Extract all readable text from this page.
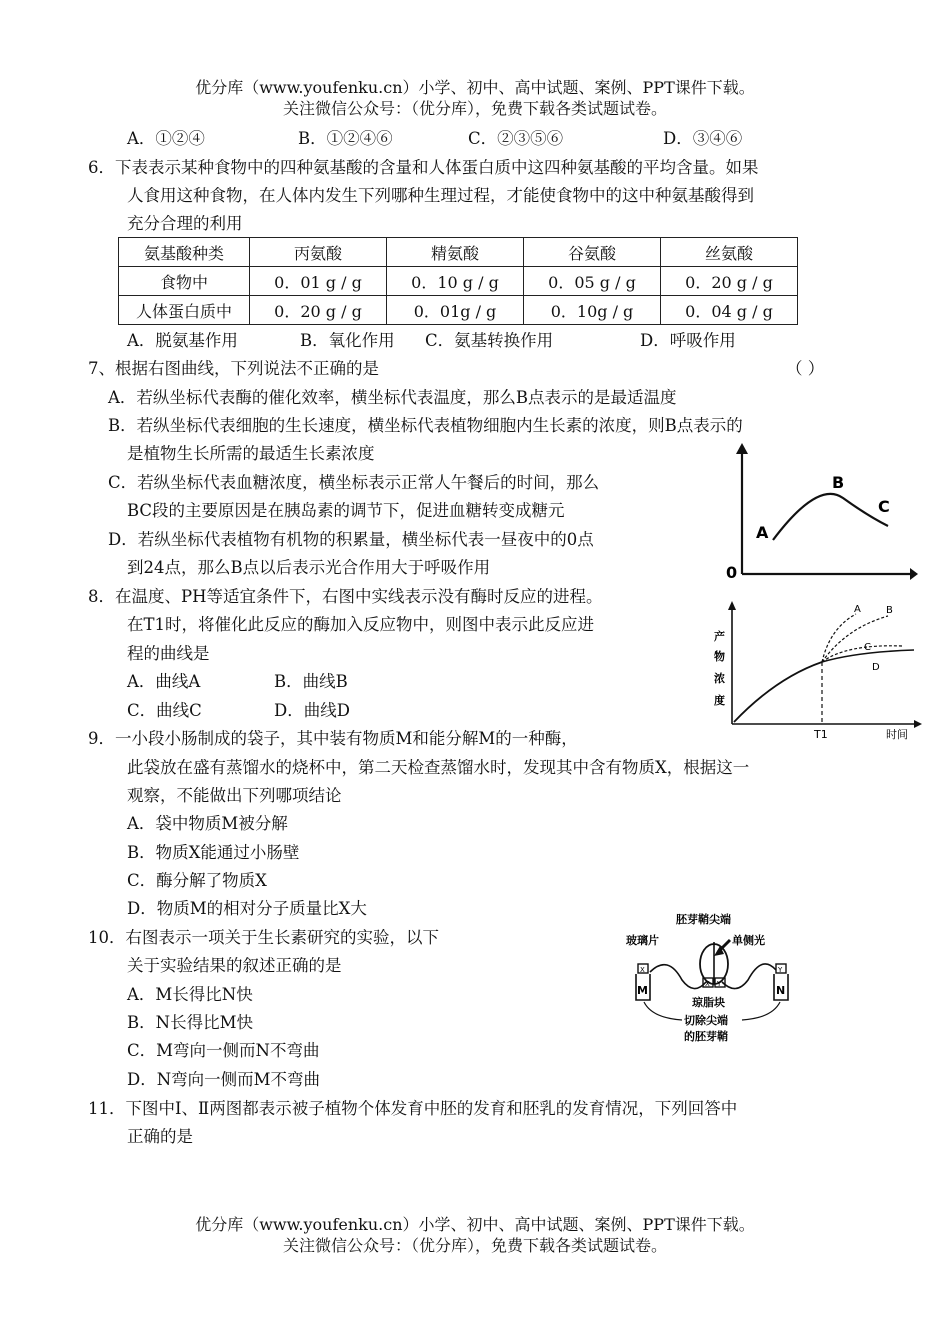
优分库（www.youfenku.cn）小学、初中、高中试题、案例、PPT课件下载。
关注微信公众号：（优分库），免费下载各类试题试卷。
A．①②④	B．①②④⑥	C．②③⑤⑥	D．③④⑥
6．下表表示某种食物中的四种氨基酸的含量和人体蛋白质中这四种氨基酸的平均含量。如果
人食用这种食物，在人体内发生下列哪种生理过程，才能使食物中的这中种氨基酸得到
充分合理的利用
氨基酸种类	丙氨酸	精氨酸	谷氨酸	丝氨酸
食物中	0．01 g / g	0．10 g / g	0．05 g / g	0．20 g / g
人体蛋白质中	0．20 g / g	0．01g / g	0．10g / g	0．04 g / g
A．脱氨基作用	B．氧化作用 C．氨基转换作用	D．呼吸作用
7、根据右图曲线，下列说法不正确的是	（ ）
A．若纵坐标代表酶的催化效率，横坐标代表温度，那么B点表示的是最适温度
B．若纵坐标代表细胞的生长速度，横坐标代表植物细胞内生长素的浓度，则B点表示的
是植物生长所需的最适生长素浓度
C．若纵坐标代表血糖浓度，横坐标表示正常人午餐后的时间，那么
BC段的主要原因是在胰岛素的调节下，促进血糖转变成糖元
D．若纵坐标代表植物有机物的积累量，横坐标代表一昼夜中的0点
到24点，那么B点以后表示光合作用大于呼吸作用
A
B
C
0
8．在温度、PH等适宜条件下，右图中实线表示没有酶时反应的进程。
在T1时，将催化此反应的酶加入反应物中，则图中表示此反应进
程的曲线是
A．曲线A	B．曲线B
C．曲线C	D．曲线D
A	B
C
D
产
物
浓
度
T1	时间
9．一小段小肠制成的袋子，其中装有物质M和能分解M的一种酶，
此袋放在盛有蒸馏水的烧杯中，第二天检查蒸馏水时，发现其中含有物质X，根据这一
观察，不能做出下列哪项结论
A．袋中物质M被分解
B．物质X能通过小肠壁
C．酶分解了物质X
D．物质M的相对分子质量比X大
10．右图表示一项关于生长素研究的实验，以下
关于实验结果的叙述正确的是
A．M长得比N快
B．N长得比M快
C．M弯向一侧而N不弯曲
D．N弯向一侧而M不弯曲
胚芽鞘尖端
玻璃片	单侧光
X Y
X	Y
M	N
琼脂块
切除尖端
的胚芽鞘
11．下图中Ⅰ、Ⅱ两图都表示被子植物个体发育中胚的发育和胚乳的发育情况，下列回答中
正确的是
优分库（www.youfenku.cn）小学、初中、高中试题、案例、PPT课件下载。
关注微信公众号：（优分库），免费下载各类试题试卷。
